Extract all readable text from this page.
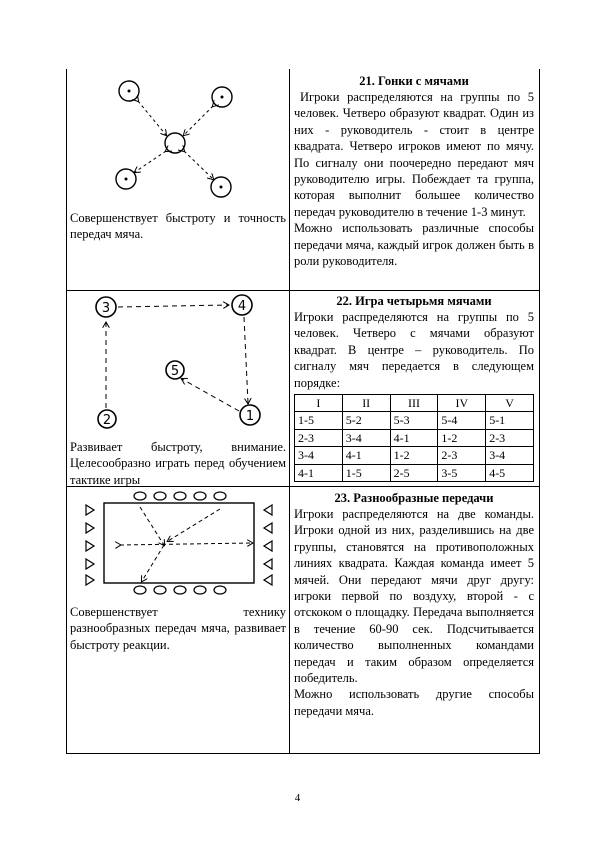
Совершенствует быстроту и точность передач мяча.
21. Гонки с мячами

Игроки распределяются на группы по 5 человек. Четверо образуют квадрат. Один из них - руководитель - стоит в центре квадрата. Четверо игроков имеют по мячу. По сигналу они поочередно передают мяч руководителю игры. Побеждает та группа, которая выполнит большее количество передач руководителю в течение 1-3 минут.

Можно использовать различные способы передачи мяча, каждый игрок должен быть в роли руководителя.

3	4
5
2	1
Развивает быстроту, внимание. Целесообразно играть перед обучением тактике игры
22. Игра четырьмя мячами

Игроки распределяются на группы по 5 человек. Четверо с мячами образуют квадрат. В центре – руководитель. По сигналу мяч передается в следующем порядке:

I	II	III	IV	V
1-5	5-2	5-3	5-4	5-1
2-3	3-4	4-1	1-2	2-3
3-4	4-1	1-2	2-3	3-4
4-1	1-5	2-5	3-5	4-5
Совершенствует технику разнообразных передач мяча, развивает быстроту реакции.
23. Разнообразные передачи

Игроки распределяются на две команды. Игроки одной из них, разделившись на две группы, становятся на противоположных линиях квадрата. Каждая команда имеет 5 мячей. Они передают мячи друг другу: игроки первой по воздуху, второй - с отскоком о площадку. Передача выполняется в течение 60-90 сек. Подсчитывается количество выполненных командами передач и таким образом определяется победитель.

Можно использовать другие способы передачи мяча.

4
